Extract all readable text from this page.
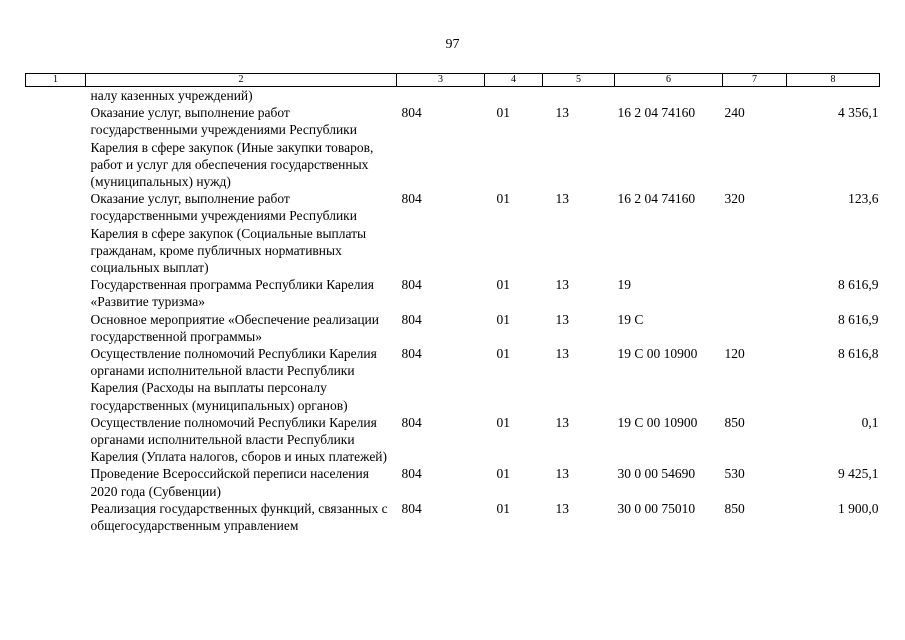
97
1	2	3	4	5	6	7	8
	налу казенных учреждений)						
	Оказание услуг, выполнение работ государственными учреждениями Республики Карелия в сфере закупок (Иные закупки товаров, работ и услуг для обеспечения государственных (муниципальных) нужд)	804	01	13	16 2 04 74160	240	4 356,1
	Оказание услуг, выполнение работ государственными учреждениями Республики Карелия в сфере закупок (Социальные выплаты гражданам, кроме публичных нормативных социальных выплат)	804	01	13	16 2 04 74160	320	123,6
	Государственная программа Республики Карелия «Развитие туризма»	804	01	13	19		8 616,9
	Основное мероприятие «Обеспечение реализации государственной программы»	804	01	13	19 С		8 616,9
	Осуществление полномочий Республики Карелия органами исполнительной власти Республики Карелия (Расходы на выплаты персоналу государственных (муниципальных) органов)	804	01	13	19 С 00 10900	120	8 616,8
	Осуществление полномочий Республики Карелия органами исполнительной власти Республики Карелия (Уплата налогов, сборов и иных платежей)	804	01	13	19 С 00 10900	850	0,1
	Проведение Всероссийской переписи населения 2020 года (Субвенции)	804	01	13	30 0 00 54690	530	9 425,1
	Реализация государственных функций, связанных с общегосударственным управлением	804	01	13	30 0 00 75010	850	1 900,0
